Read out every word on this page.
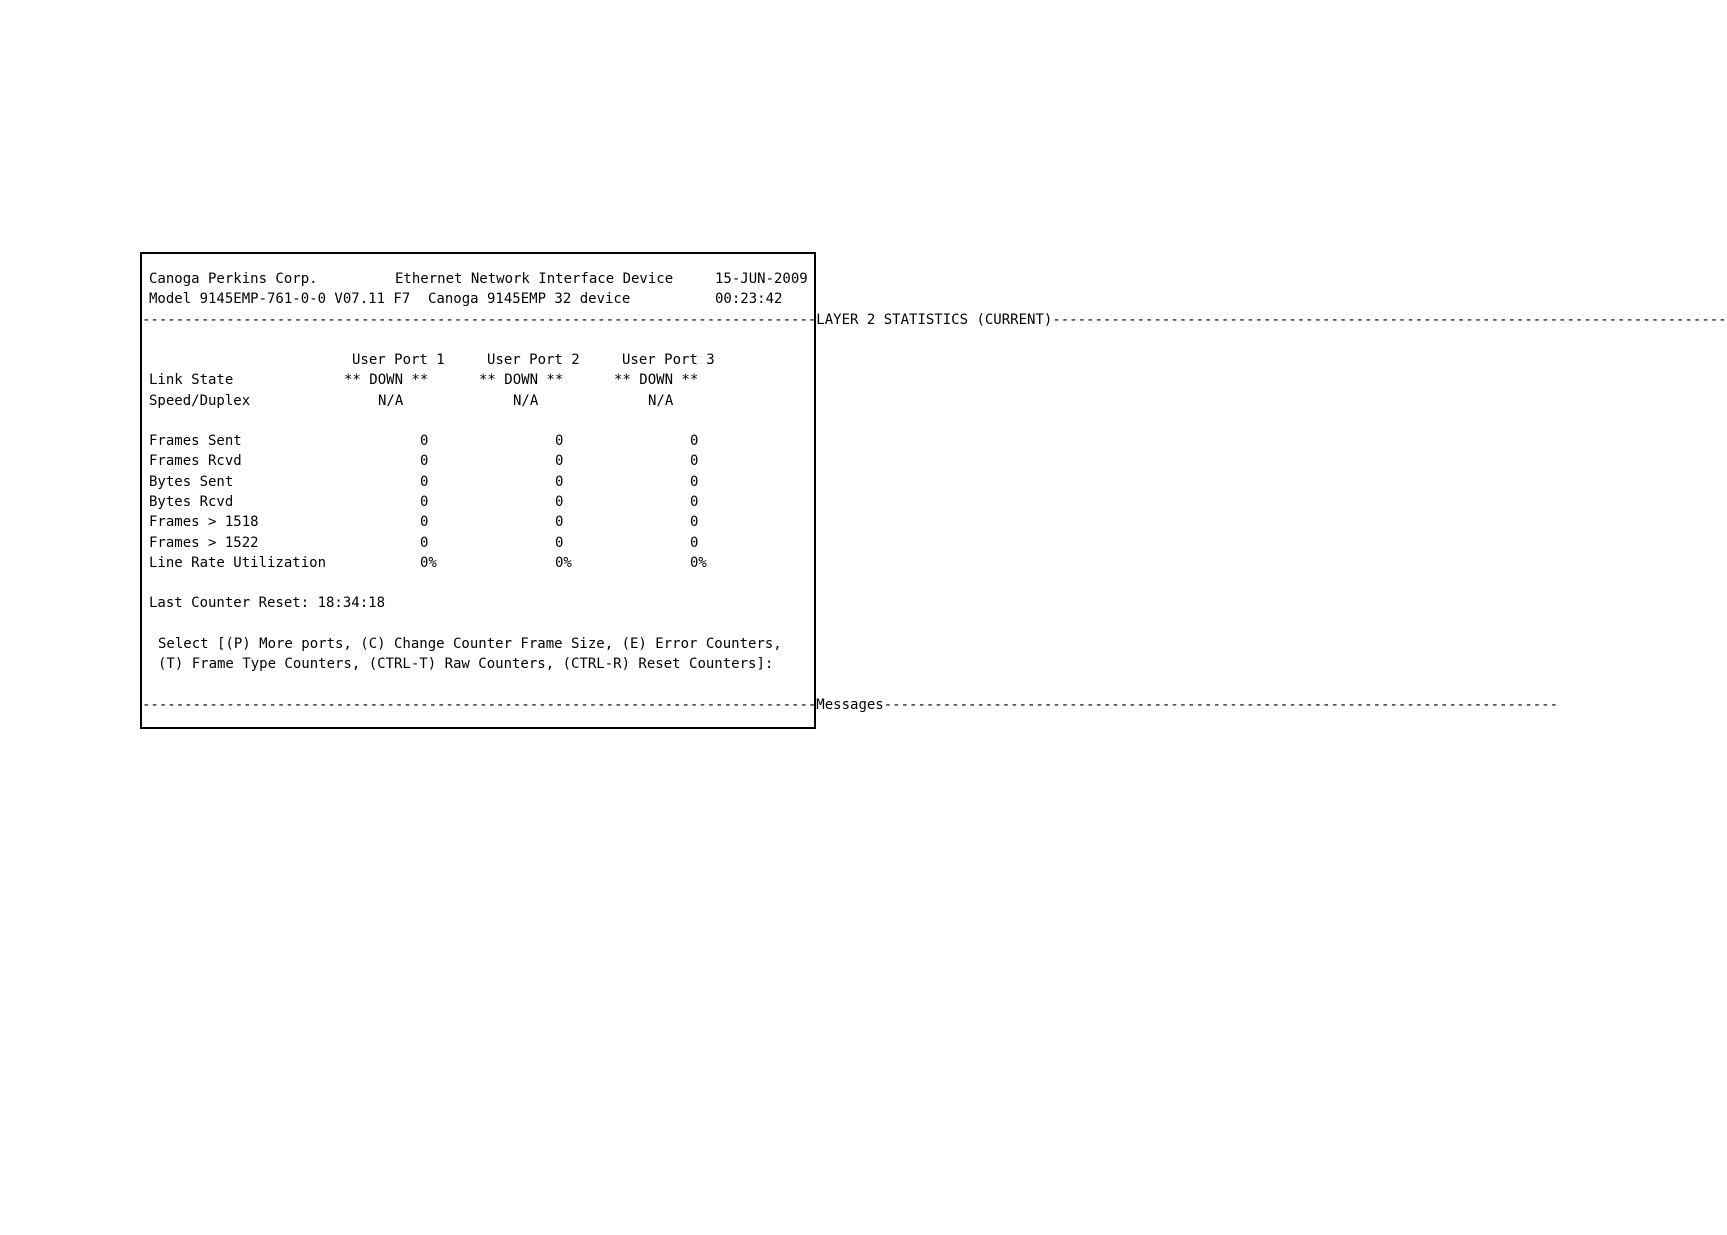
Canoga Perkins Corp.	Ethernet Network Interface Device	15-JUN-2009
Model 9145EMP-761-0-0 V07.11 F7 Canoga 9145EMP 32 device	00:23:42
-------------------------------------------------------------------------------- LAYER 2 STATISTICS (CURRENT) --------------------------------------------------------------------------------
User Port 1	User Port 2	User Port 3
Link State	** DOWN **	** DOWN **	** DOWN **
Speed/Duplex	N/A	N/A	N/A
Frames Sent	0	0	0
Frames Rcvd	0	0	0
Bytes Sent	0	0	0
Bytes Rcvd	0	0	0
Frames > 1518	0	0	0
Frames > 1522	0	0	0
Line Rate Utilization	0%	0%	0%
Last Counter Reset: 18:34:18
Select [(P) More ports, (C) Change Counter Frame Size, (E) Error Counters,
(T) Frame Type Counters, (CTRL-T) Raw Counters, (CTRL-R) Reset Counters]:
-------------------------------------------------------------------------------- Messages --------------------------------------------------------------------------------
